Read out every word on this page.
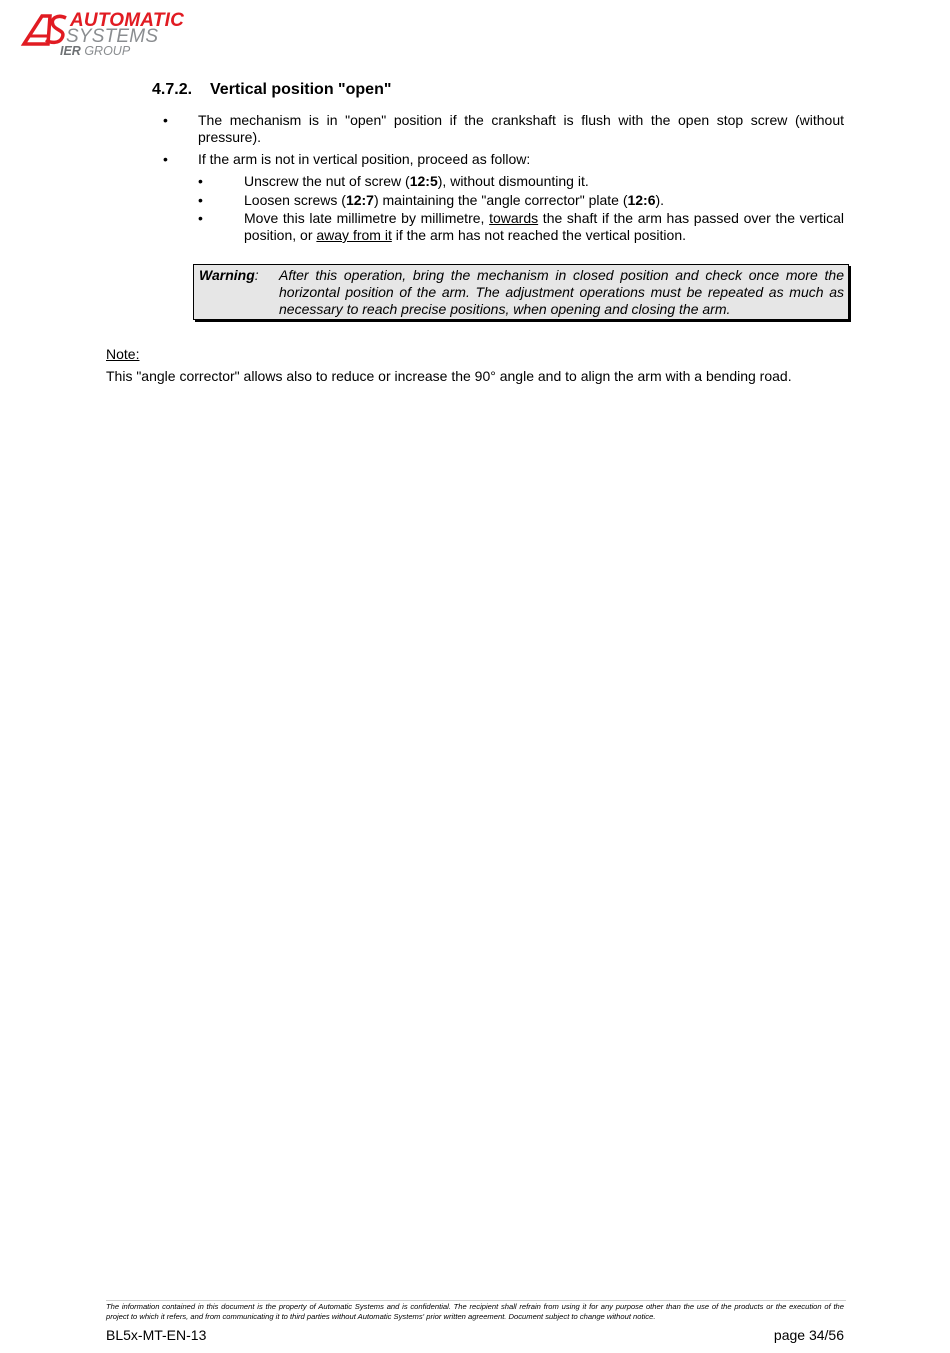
AUTOMATIC
SYSTEMS
IER GROUP
4.7.2. Vertical position "open"
• The mechanism is in "open" position if the crankshaft is flush with the open stop screw (without pressure).
• If the arm is not in vertical position, proceed as follow:
•	Unscrew the nut of screw (12:5), without dismounting it.
•	Loosen screws (12:7) maintaining the "angle corrector" plate (12:6).
•	Move this late millimetre by millimetre, towards the shaft if the arm has passed over the vertical position, or away from it if the arm has not reached the vertical position.
Warning: After this operation, bring the mechanism in closed position and check once more the horizontal position of the arm. The adjustment operations must be repeated as much as necessary to reach precise positions, when opening and closing the arm.
Note:
This "angle corrector" allows also to reduce or increase the 90° angle and to align the arm with a bending road.
The information contained in this document is the property of Automatic Systems and is confidential. The recipient shall refrain from using it for any purpose other than the use of the products or the execution of the project to which it refers, and from communicating it to third parties without Automatic Systems' prior written agreement. Document subject to change without notice.
BL5x-MT-EN-13	page 34/56
